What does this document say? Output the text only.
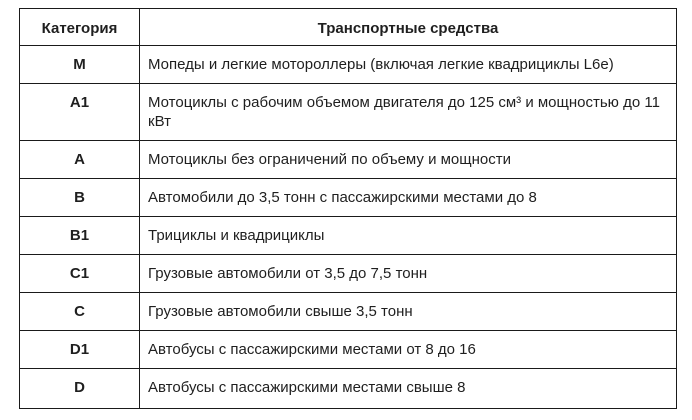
Категория	Транспортные средства
M	Мопеды и легкие мотороллеры (включая легкие квадрициклы L6e)
A1	Мотоциклы с рабочим объемом двигателя до 125 см³ и мощностью до 11 кВт
A	Мотоциклы без ограничений по объему и мощности
B	Автомобили до 3,5 тонн с пассажирскими местами до 8
B1	Трициклы и квадрициклы
C1	Грузовые автомобили от 3,5 до 7,5 тонн
C	Грузовые автомобили свыше 3,5 тонн
D1	Автобусы с пассажирскими местами от 8 до 16
D	Автобусы с пассажирскими местами свыше 8
